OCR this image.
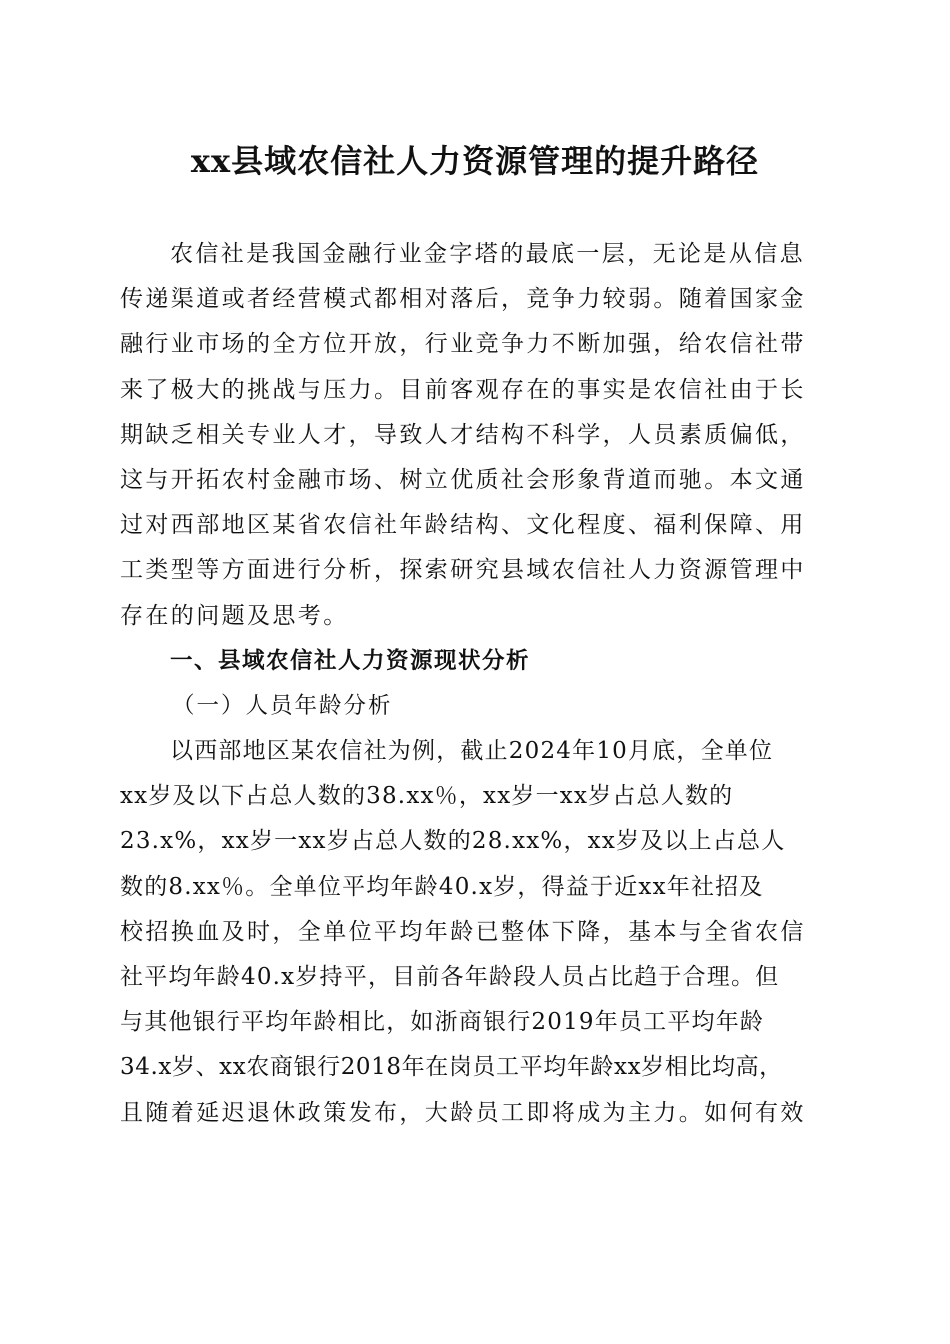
xx县域农信社人力资源管理的提升路径
农信社是我国金融行业金字塔的最底一层，无论是从信息
传递渠道或者经营模式都相对落后，竞争力较弱。随着国家金
融行业市场的全方位开放，行业竞争力不断加强，给农信社带
来了极大的挑战与压力。目前客观存在的事实是农信社由于长
期缺乏相关专业人才，导致人才结构不科学，人员素质偏低，
这与开拓农村金融市场、树立优质社会形象背道而驰。本文通
过对西部地区某省农信社年龄结构、文化程度、福利保障、用
工类型等方面进行分析，探索研究县域农信社人力资源管理中
存在的问题及思考。
一、县域农信社人力资源现状分析
（一）人员年龄分析
以西部地区某农信社为例，截止2024年10月底，全单位
xx岁及以下占总人数的38.xx％，xx岁一xx岁占总人数的
23.x%，xx岁一xx岁占总人数的28.xx%，xx岁及以上占总人
数的8.xx％。全单位平均年龄40.x岁，得益于近xx年社招及
校招换血及时，全单位平均年龄已整体下降，基本与全省农信
社平均年龄40.x岁持平，目前各年龄段人员占比趋于合理。但
与其他银行平均年龄相比，如浙商银行2019年员工平均年龄
34.x岁、xx农商银行2018年在岗员工平均年龄xx岁相比均高，
且随着延迟退休政策发布，大龄员工即将成为主力。如何有效
